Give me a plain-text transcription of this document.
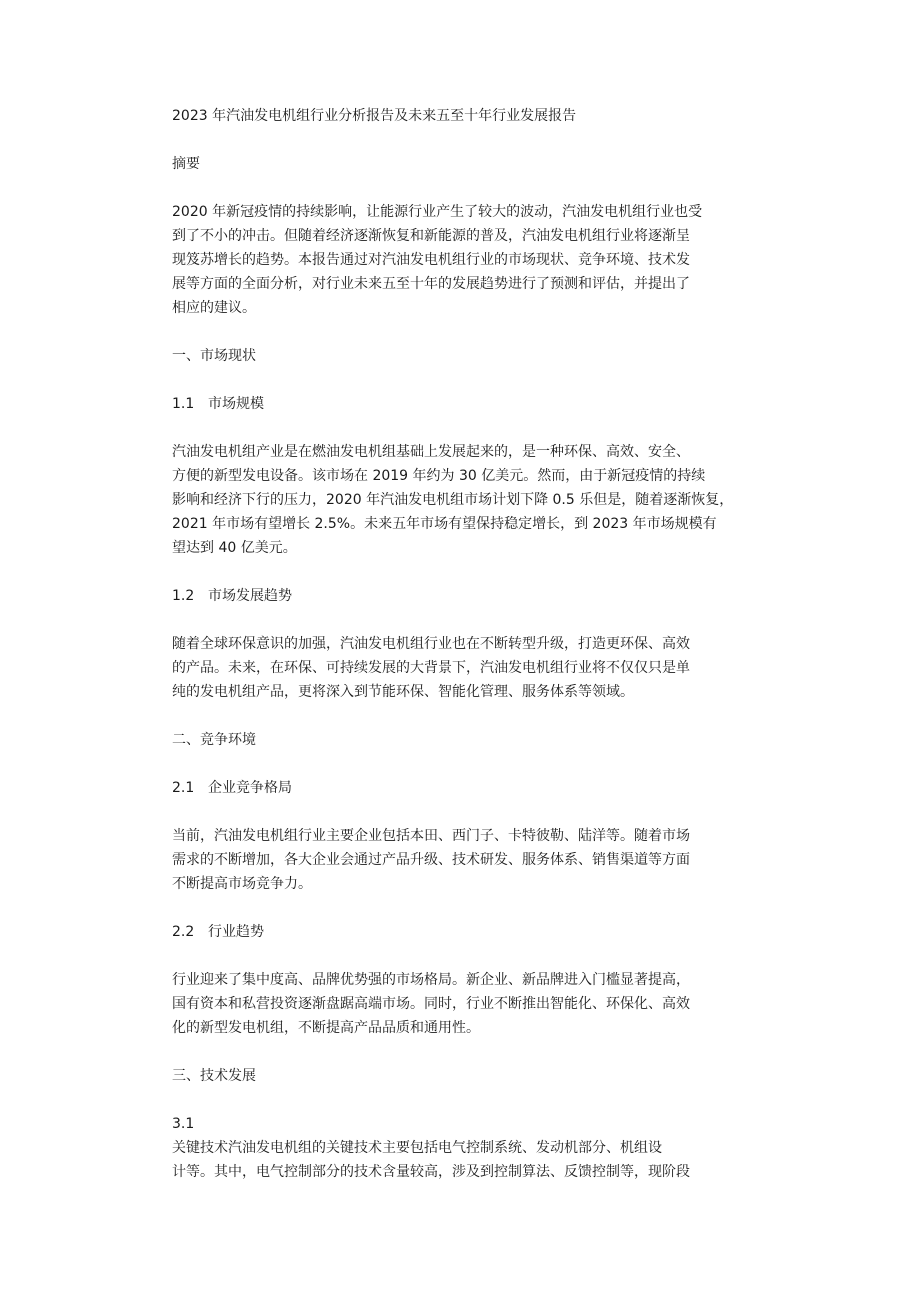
2023 年汽油发电机组行业分析报告及未来五至十年行业发展报告

摘要

2020 年新冠疫情的持续影响，让能源行业产生了较大的波动，汽油发电机组行业也受
到了不小的冲击。但随着经济逐渐恢复和新能源的普及，汽油发电机组行业将逐渐呈
现笈苏增长的趋势。本报告通过对汽油发电机组行业的市场现状、竞争环境、技术发
展等方面的全面分析，对行业未来五至十年的发展趋势进行了预测和评估，并提出了
相应的建议。

一、市场现状

1.1 市场规模

汽油发电机组产业是在燃油发电机组基础上发展起来的，是一种环保、高效、安全、
方便的新型发电设备。该市场在 2019 年约为 30 亿美元。然而，由于新冠疫情的持续
影响和经济下行的压力，2020 年汽油发电机组市场计划下降 0.5 乐但是，随着逐渐恢复，
2021 年市场有望增长 2.5%。未来五年市场有望保持稳定增长，到 2023 年市场规模有
望达到 40 亿美元。

1.2 市场发展趋势

随着全球环保意识的加强，汽油发电机组行业也在不断转型升级，打造更环保、高效
的产品。未来，在环保、可持续发展的大背景下，汽油发电机组行业将不仅仅只是单
纯的发电机组产品，更将深入到节能环保、智能化管理、服务体系等领域。

二、竞争环境

2.1 企业竞争格局

当前，汽油发电机组行业主要企业包括本田、西门子、卡特彼勒、陆洋等。随着市场
需求的不断增加，各大企业会通过产品升级、技术研发、服务体系、销售渠道等方面
不断提高市场竞争力。

2.2 行业趋势

行业迎来了集中度高、品牌优势强的市场格局。新企业、新品牌进入门槛显著提高，
国有资本和私营投资逐渐盘踞高端市场。同时，行业不断推出智能化、环保化、高效
化的新型发电机组，不断提高产品品质和通用性。

三、技术发展

3.1
关键技术汽油发电机组的关键技术主要包括电气控制系统、发动机部分、机组设
计等。其中，电气控制部分的技术含量较高，涉及到控制算法、反馈控制等，现阶段
